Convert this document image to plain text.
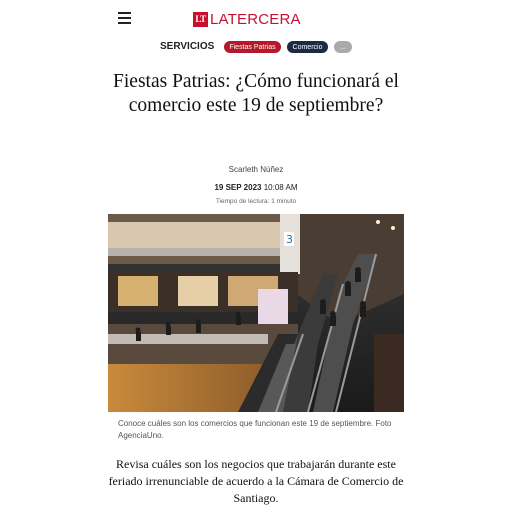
LT LATERCERA
SERVICIOS	Fiestas Patrias	Comercio	...
Fiestas Patrias: ¿Cómo funcionará el comercio este 19 de septiembre?
Scarleth Núñez
19 SEP 2023 10:08 AM
Tiempo de lectura: 1 minuto
3
Conoce cuáles son los comercios que funcionan este 19 de septiembre. Foto AgenciaUno.

Revisa cuáles son los negocios que trabajarán durante este feriado irrenunciable de acuerdo a la Cámara de Comercio de Santiago.
